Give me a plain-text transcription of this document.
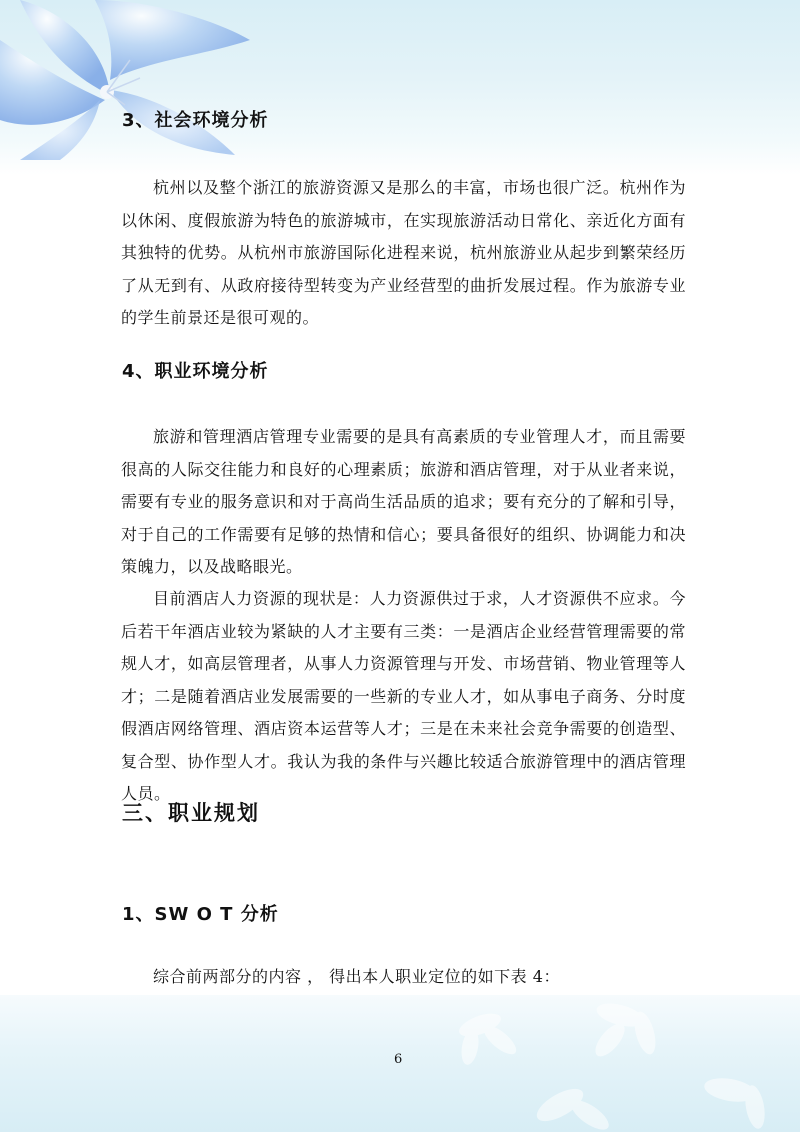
3、社会环境分析

杭州以及整个浙江的旅游资源又是那么的丰富，市场也很广泛。杭州作为以休闲、度假旅游为特色的旅游城市，在实现旅游活动日常化、亲近化方面有其独特的优势。从杭州市旅游国际化进程来说，杭州旅游业从起步到繁荣经历了从无到有、从政府接待型转变为产业经营型的曲折发展过程。作为旅游专业的学生前景还是很可观的。

4、职业环境分析

旅游和管理酒店管理专业需要的是具有高素质的专业管理人才，而且需要很高的人际交往能力和良好的心理素质；旅游和酒店管理，对于从业者来说，需要有专业的服务意识和对于高尚生活品质的追求；要有充分的了解和引导，对于自己的工作需要有足够的热情和信心；要具备很好的组织、协调能力和决策魄力，以及战略眼光。

目前酒店人力资源的现状是：人力资源供过于求，人才资源供不应求。今后若干年酒店业较为紧缺的人才主要有三类：一是酒店企业经营管理需要的常规人才，如高层管理者，从事人力资源管理与开发、市场营销、物业管理等人才；二是随着酒店业发展需要的一些新的专业人才，如从事电子商务、分时度假酒店网络管理、酒店资本运营等人才；三是在未来社会竞争需要的创造型、复合型、协作型人才。我认为我的条件与兴趣比较适合旅游管理中的酒店管理人员。

三、职业规划
1、SW O T 分析

综合前两部分的内容 ， 得出本人职业定位的如下表 4：

6
